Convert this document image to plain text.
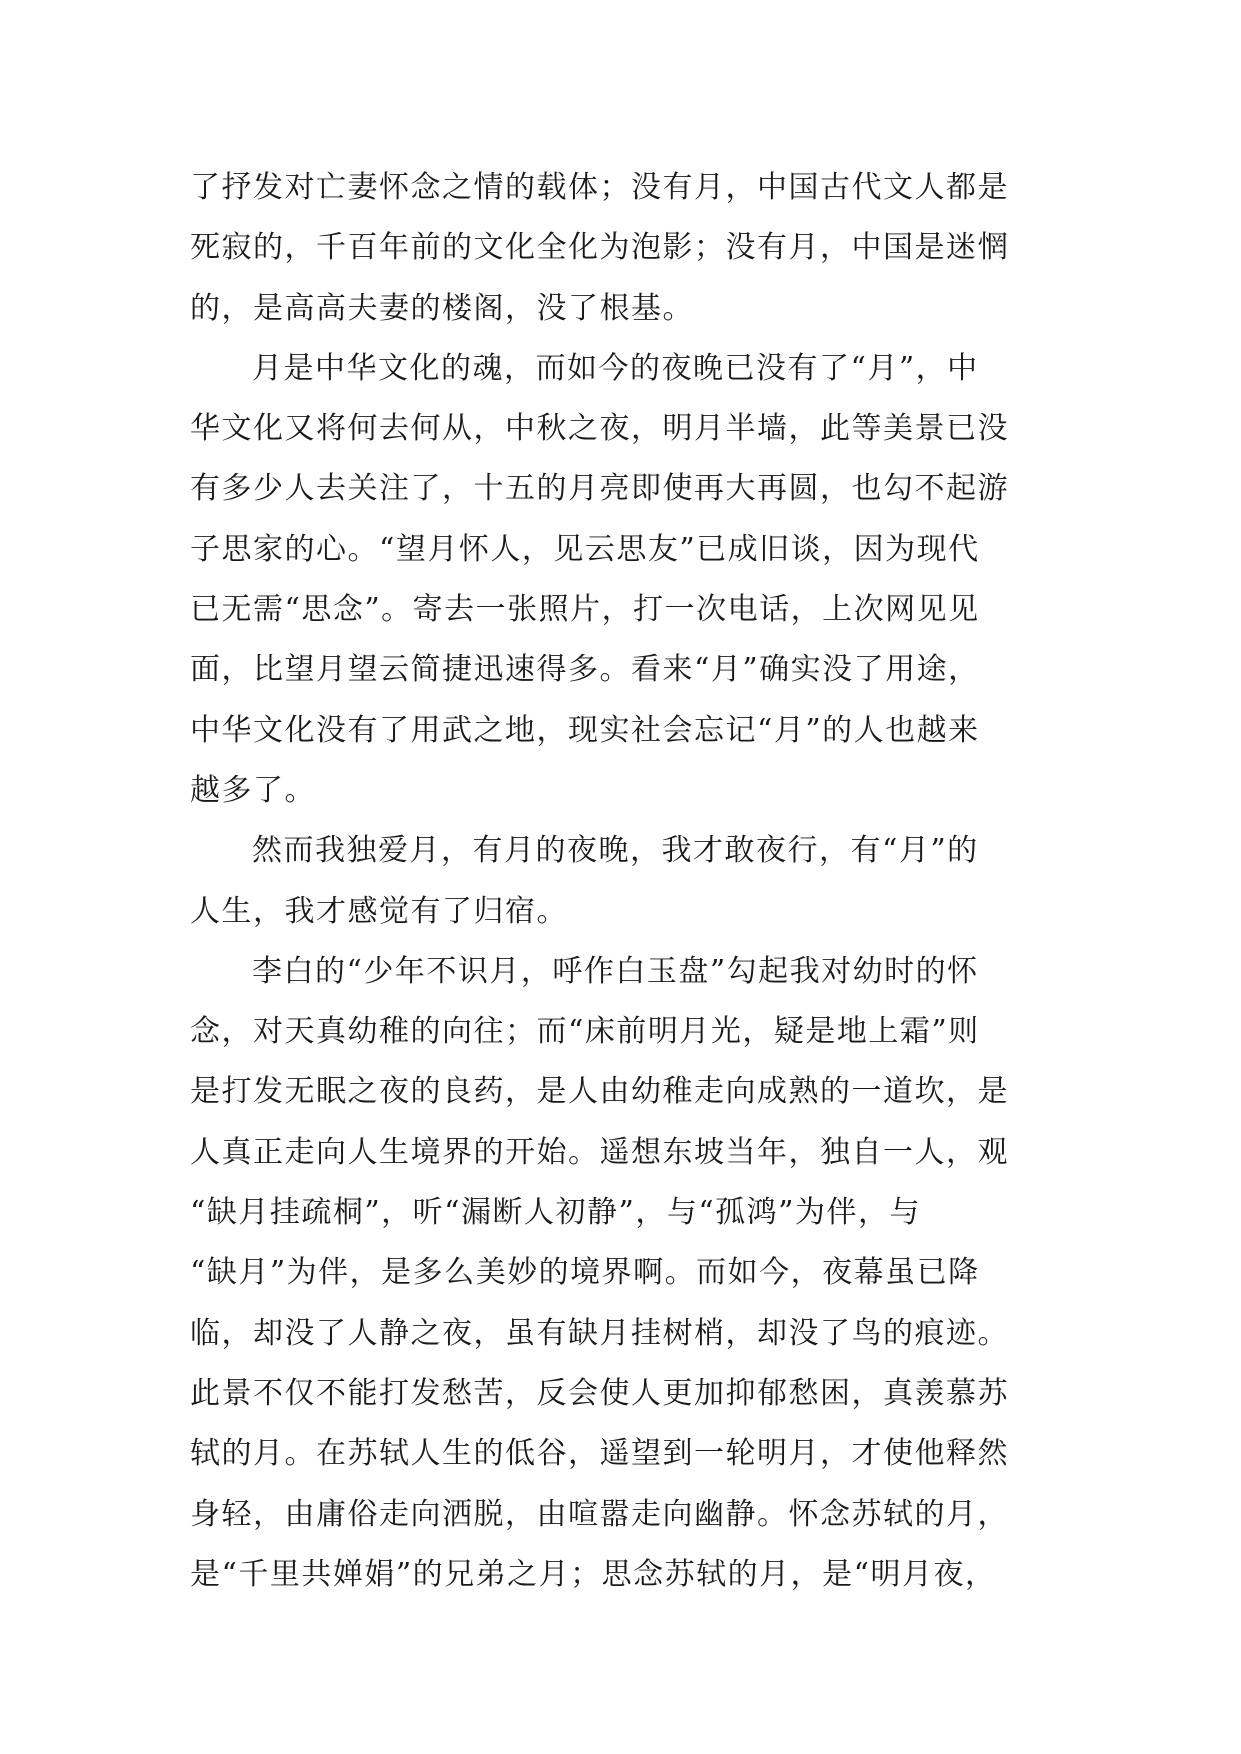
了抒发对亡妻怀念之情的载体；没有月，中国古代文人都是
死寂的，千百年前的文化全化为泡影；没有月，中国是迷惘
的，是高高夫妻的楼阁，没了根基。
月是中华文化的魂，而如今的夜晚已没有了“月”，中
华文化又将何去何从，中秋之夜，明月半墙，此等美景已没
有多少人去关注了，十五的月亮即使再大再圆，也勾不起游
子思家的心。“望月怀人，见云思友”已成旧谈，因为现代
已无需“思念”。寄去一张照片，打一次电话，上次网见见
面，比望月望云简捷迅速得多。看来“月”确实没了用途，
中华文化没有了用武之地，现实社会忘记“月”的人也越来
越多了。
然而我独爱月，有月的夜晚，我才敢夜行，有“月”的
人生，我才感觉有了归宿。
李白的“少年不识月，呼作白玉盘”勾起我对幼时的怀
念，对天真幼稚的向往；而“床前明月光，疑是地上霜”则
是打发无眠之夜的良药，是人由幼稚走向成熟的一道坎，是
人真正走向人生境界的开始。遥想东坡当年，独自一人，观
“缺月挂疏桐”，听“漏断人初静”，与“孤鸿”为伴，与
“缺月”为伴，是多么美妙的境界啊。而如今，夜幕虽已降
临，却没了人静之夜，虽有缺月挂树梢，却没了鸟的痕迹。
此景不仅不能打发愁苦，反会使人更加抑郁愁困，真羡慕苏
轼的月。在苏轼人生的低谷，遥望到一轮明月，才使他释然
身轻，由庸俗走向洒脱，由喧嚣走向幽静。怀念苏轼的月，
是“千里共婵娟”的兄弟之月；思念苏轼的月，是“明月夜，
